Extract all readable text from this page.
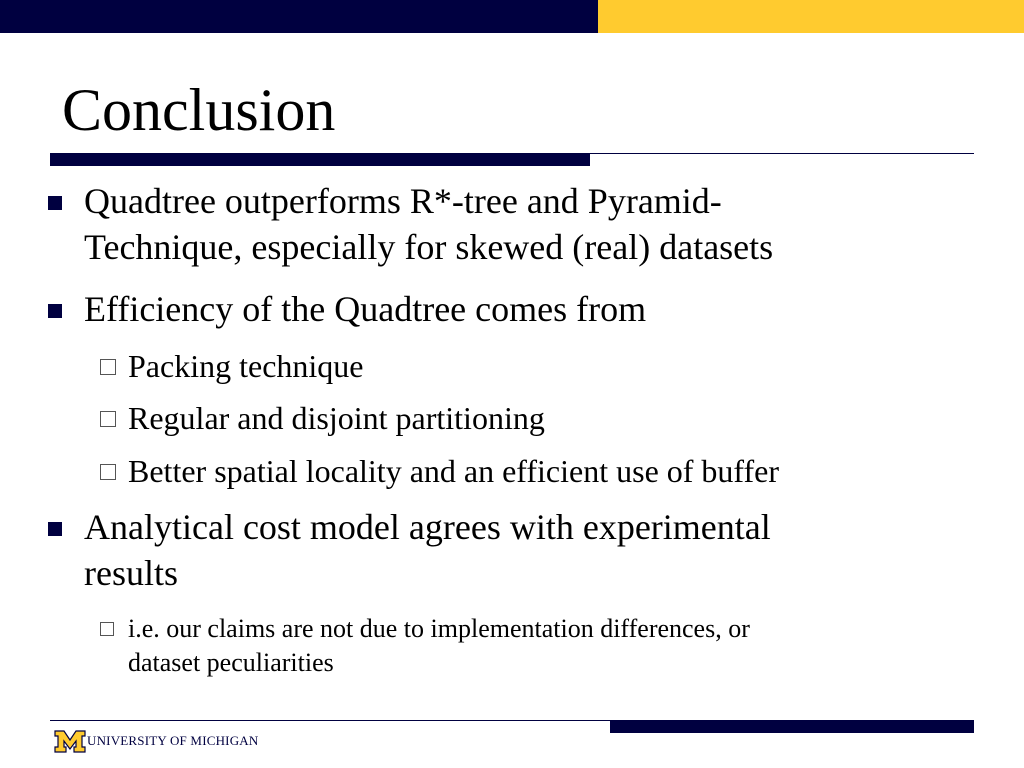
Conclusion
Quadtree outperforms R*-tree and Pyramid-
Technique, especially for skewed (real) datasets
Efficiency of the Quadtree comes from
Packing technique
Regular and disjoint partitioning
Better spatial locality and an efficient use of buffer
Analytical cost model agrees with experimental
results
i.e. our claims are not due to implementation differences, or
dataset peculiarities
UNIVERSITY OF MICHIGAN
